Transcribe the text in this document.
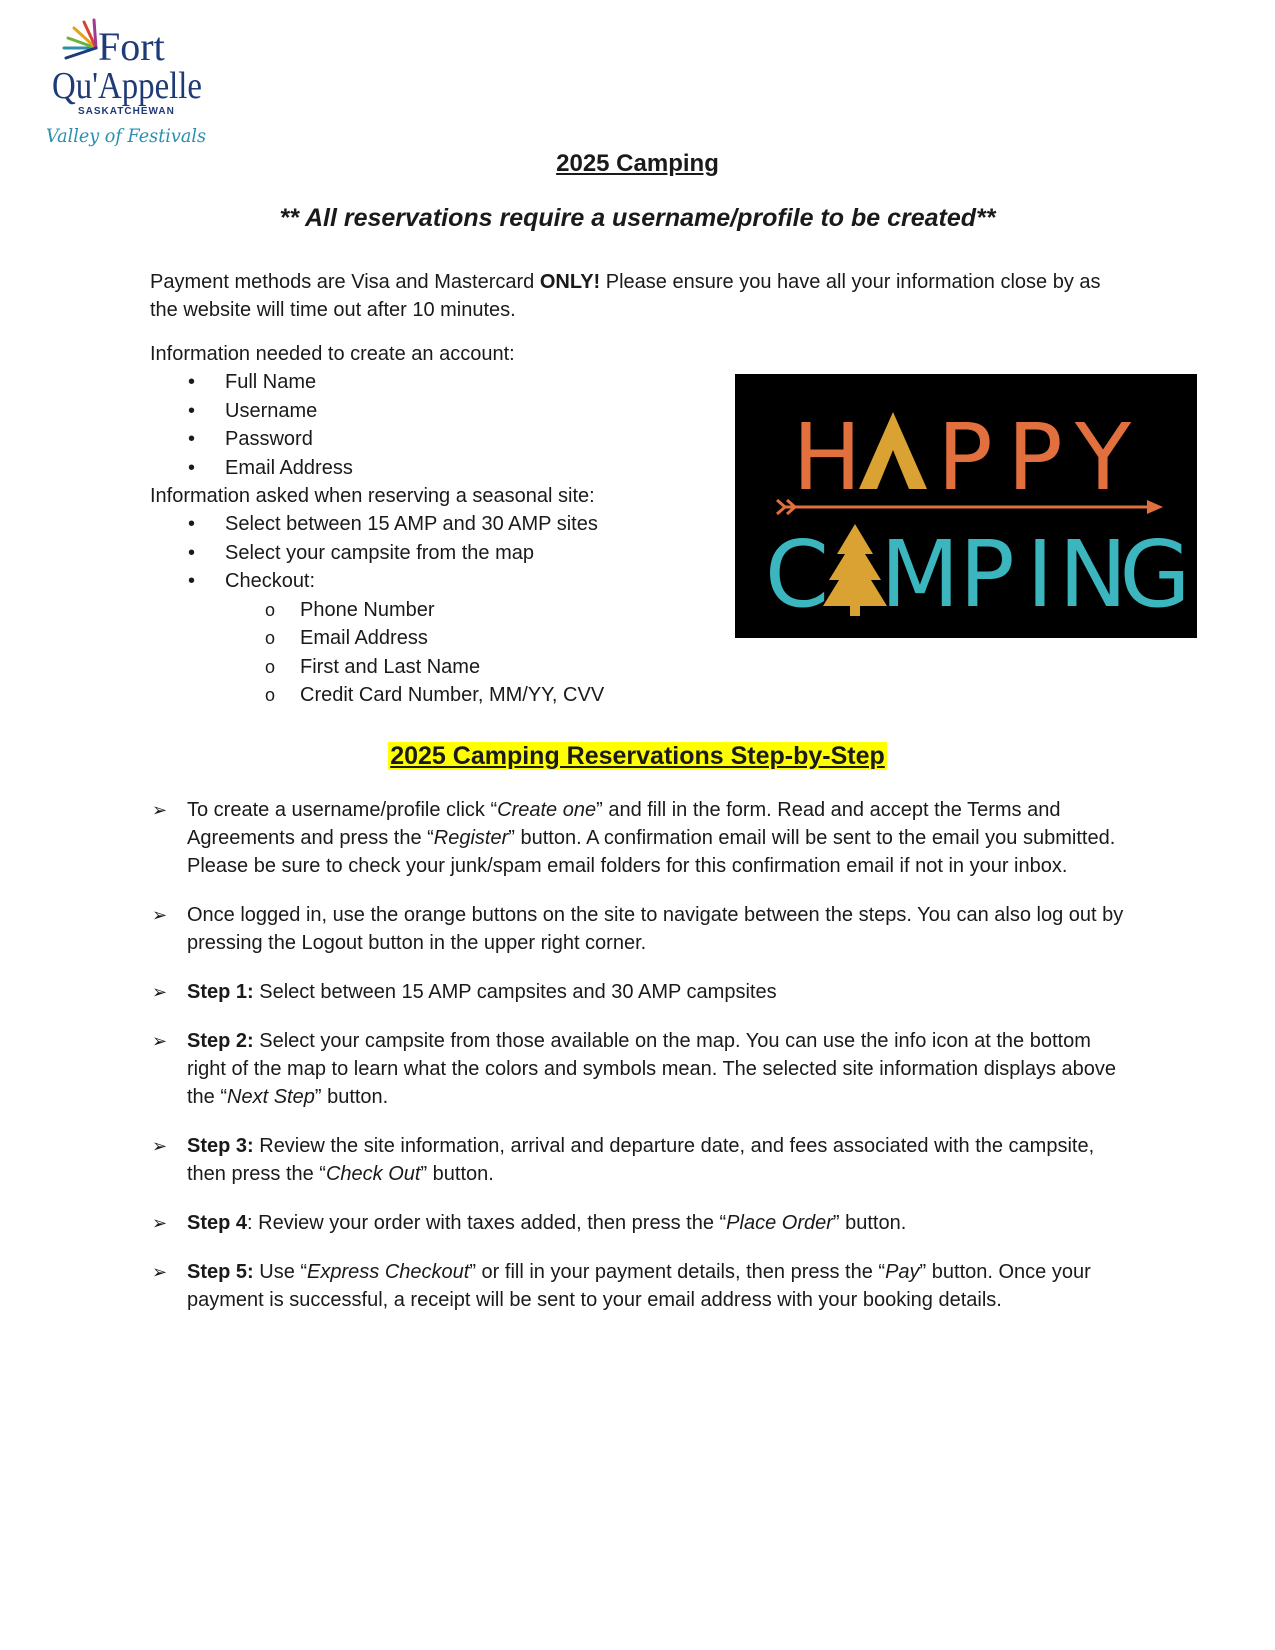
Fort
Qu'Appelle
SASKATCHEWAN
Valley of Festivals
2025 Camping

** All reservations require a username/profile to be created**

Payment methods are Visa and Mastercard ONLY! Please ensure you have all your information close by as the website will time out after 10 minutes.

Information needed to create an account:

• Full Name
• Username
• Password
• Email Address

Information asked when reserving a seasonal site:

• Select between 15 AMP and 30 AMP sites
• Select your campsite from the map
• Checkout:
o Phone Number
o Email Address
o First and Last Name
o Credit Card Number, MM/YY, CVV
H P P Y
C M P I N
G
2025 Camping Reservations Step-by-Step
➢ To create a username/profile click “Create one” and fill in the form. Read and accept the Terms and Agreements and press the “Register” button. A confirmation email will be sent to the email you submitted. Please be sure to check your junk/spam email folders for this confirmation email if not in your inbox.
➢ Once logged in, use the orange buttons on the site to navigate between the steps. You can also log out by pressing the Logout button in the upper right corner.
➢ Step 1: Select between 15 AMP campsites and 30 AMP campsites
➢ Step 2: Select your campsite from those available on the map. You can use the info icon at the bottom right of the map to learn what the colors and symbols mean. The selected site information displays above the “Next Step” button.
➢ Step 3: Review the site information, arrival and departure date, and fees associated with the campsite, then press the “Check Out” button.
➢ Step 4: Review your order with taxes added, then press the “Place Order” button.
➢ Step 5: Use “Express Checkout” or fill in your payment details, then press the “Pay” button. Once your payment is successful, a receipt will be sent to your email address with your booking details.
